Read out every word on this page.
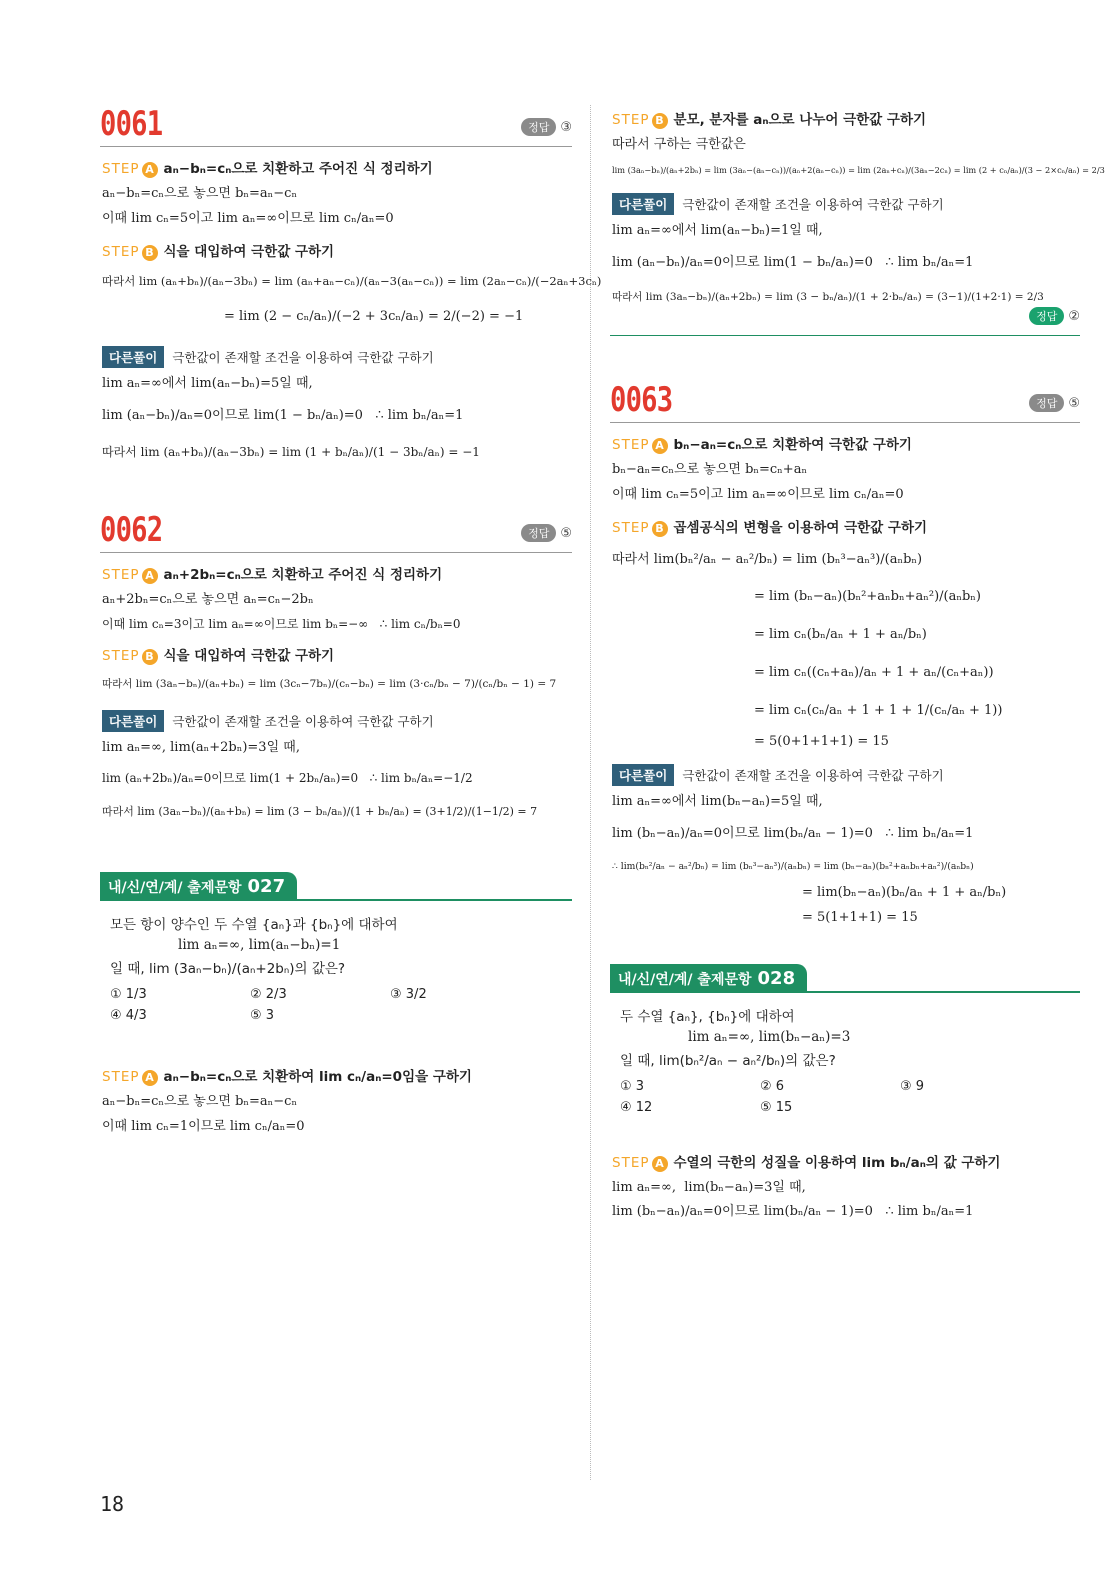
0061	정답 ③
STEP A aₙ−bₙ=cₙ으로 치환하고 주어진 식 정리하기
aₙ−bₙ=cₙ으로 놓으면 bₙ=aₙ−cₙ
이때 lim cₙ=5이고 lim aₙ=∞이므로 lim cₙ/aₙ=0
STEP B 식을 대입하여 극한값 구하기
따라서 lim (aₙ+bₙ)/(aₙ−3bₙ) = lim (aₙ+aₙ−cₙ)/(aₙ−3(aₙ−cₙ)) = lim (2aₙ−cₙ)/(−2aₙ+3cₙ)
= lim (2 − cₙ/aₙ)/(−2 + 3cₙ/aₙ) = 2/(−2) = −1
다른풀이 극한값이 존재할 조건을 이용하여 극한값 구하기
lim aₙ=∞에서 lim(aₙ−bₙ)=5일 때,
lim (aₙ−bₙ)/aₙ=0이므로 lim(1 − bₙ/aₙ)=0   ∴ lim bₙ/aₙ=1
따라서 lim (aₙ+bₙ)/(aₙ−3bₙ) = lim (1 + bₙ/aₙ)/(1 − 3bₙ/aₙ) = −1
0062	정답 ⑤
STEP A aₙ+2bₙ=cₙ으로 치환하고 주어진 식 정리하기
aₙ+2bₙ=cₙ으로 놓으면 aₙ=cₙ−2bₙ
이때 lim cₙ=3이고 lim aₙ=∞이므로 lim bₙ=−∞   ∴ lim cₙ/bₙ=0
STEP B 식을 대입하여 극한값 구하기
따라서 lim (3aₙ−bₙ)/(aₙ+bₙ) = lim (3cₙ−7bₙ)/(cₙ−bₙ) = lim (3·cₙ/bₙ − 7)/(cₙ/bₙ − 1) = 7
다른풀이 극한값이 존재할 조건을 이용하여 극한값 구하기
lim aₙ=∞, lim(aₙ+2bₙ)=3일 때,
lim (aₙ+2bₙ)/aₙ=0이므로 lim(1 + 2bₙ/aₙ)=0   ∴ lim bₙ/aₙ=−1/2
따라서 lim (3aₙ−bₙ)/(aₙ+bₙ) = lim (3 − bₙ/aₙ)/(1 + bₙ/aₙ) = (3+1/2)/(1−1/2) = 7
내/신/연/계/ 출제문항 027
모든 항이 양수인 두 수열 {aₙ}과 {bₙ}에 대하여
lim aₙ=∞, lim(aₙ−bₙ)=1
일 때, lim (3aₙ−bₙ)/(aₙ+2bₙ)의 값은?
① 1/3	② 2/3	③ 3/2
④ 4/3	⑤ 3
STEP A aₙ−bₙ=cₙ으로 치환하여 lim cₙ/aₙ=0임을 구하기
aₙ−bₙ=cₙ으로 놓으면 bₙ=aₙ−cₙ
이때 lim cₙ=1이므로 lim cₙ/aₙ=0
STEP B 분모, 분자를 aₙ으로 나누어 극한값 구하기
따라서 구하는 극한값은
lim (3aₙ−bₙ)/(aₙ+2bₙ) = lim (3aₙ−(aₙ−cₙ))/(aₙ+2(aₙ−cₙ)) = lim (2aₙ+cₙ)/(3aₙ−2cₙ) = lim (2 + cₙ/aₙ)/(3 − 2×cₙ/aₙ) = 2/3
다른풀이 극한값이 존재할 조건을 이용하여 극한값 구하기
lim aₙ=∞에서 lim(aₙ−bₙ)=1일 때,
lim (aₙ−bₙ)/aₙ=0이므로 lim(1 − bₙ/aₙ)=0   ∴ lim bₙ/aₙ=1
따라서 lim (3aₙ−bₙ)/(aₙ+2bₙ) = lim (3 − bₙ/aₙ)/(1 + 2·bₙ/aₙ) = (3−1)/(1+2·1) = 2/3
정답 ②
0063	정답 ⑤
STEP A bₙ−aₙ=cₙ으로 치환하여 극한값 구하기
bₙ−aₙ=cₙ으로 놓으면 bₙ=cₙ+aₙ
이때 lim cₙ=5이고 lim aₙ=∞이므로 lim cₙ/aₙ=0
STEP B 곱셈공식의 변형을 이용하여 극한값 구하기
따라서 lim(bₙ²/aₙ − aₙ²/bₙ) = lim (bₙ³−aₙ³)/(aₙbₙ)
= lim (bₙ−aₙ)(bₙ²+aₙbₙ+aₙ²)/(aₙbₙ)
= lim cₙ(bₙ/aₙ + 1 + aₙ/bₙ)
= lim cₙ((cₙ+aₙ)/aₙ + 1 + aₙ/(cₙ+aₙ))
= lim cₙ(cₙ/aₙ + 1 + 1 + 1/(cₙ/aₙ + 1))
= 5(0+1+1+1) = 15
다른풀이 극한값이 존재할 조건을 이용하여 극한값 구하기
lim aₙ=∞에서 lim(bₙ−aₙ)=5일 때,
lim (bₙ−aₙ)/aₙ=0이므로 lim(bₙ/aₙ − 1)=0   ∴ lim bₙ/aₙ=1
∴ lim(bₙ²/aₙ − aₙ²/bₙ) = lim (bₙ³−aₙ³)/(aₙbₙ) = lim (bₙ−aₙ)(bₙ²+aₙbₙ+aₙ²)/(aₙbₙ)
= lim(bₙ−aₙ)(bₙ/aₙ + 1 + aₙ/bₙ)
= 5(1+1+1) = 15
내/신/연/계/ 출제문항 028
두 수열 {aₙ}, {bₙ}에 대하여
lim aₙ=∞, lim(bₙ−aₙ)=3
일 때, lim(bₙ²/aₙ − aₙ²/bₙ)의 값은?
① 3	② 6	③ 9
④ 12	⑤ 15
STEP A 수열의 극한의 성질을 이용하여 lim bₙ/aₙ의 값 구하기
lim aₙ=∞,  lim(bₙ−aₙ)=3일 때,
lim (bₙ−aₙ)/aₙ=0이므로 lim(bₙ/aₙ − 1)=0   ∴ lim bₙ/aₙ=1
18
